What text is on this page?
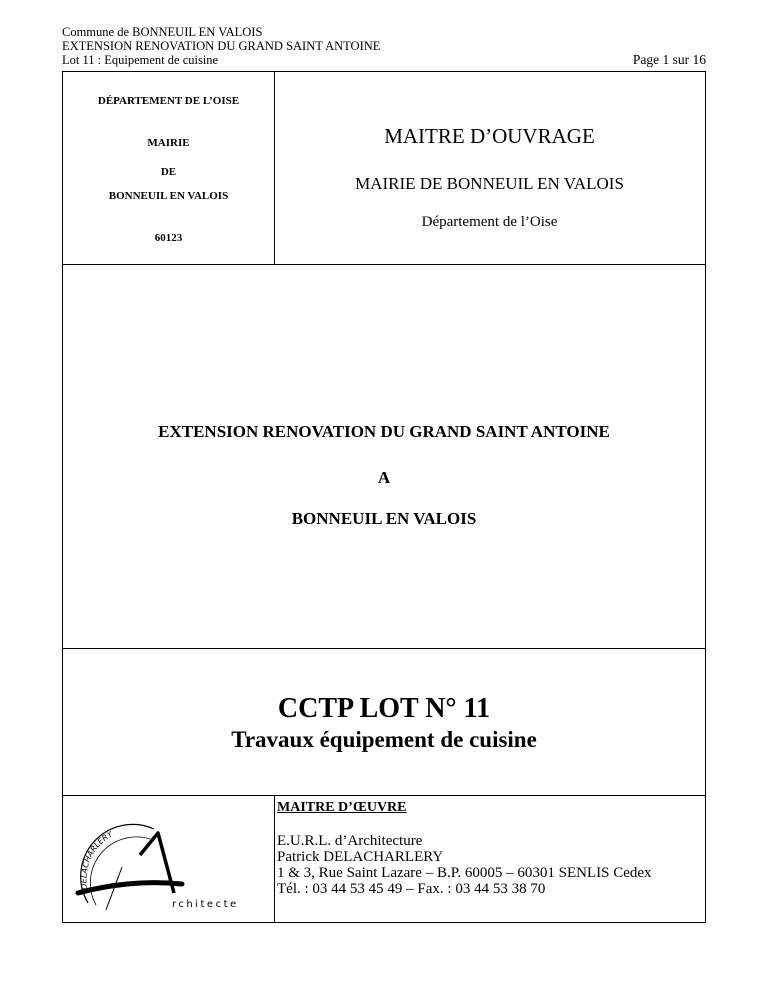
Commune de BONNEUIL EN VALOIS
EXTENSION RENOVATION DU GRAND SAINT ANTOINE
Lot 11 : Equipement de cuisine	Page 1 sur 16
DÉPARTEMENT DE L’OISE
MAIRIE
DE
BONNEUIL EN VALOIS
60123
MAITRE D’OUVRAGE
MAIRIE DE BONNEUIL EN VALOIS
Département de l’Oise
EXTENSION RENOVATION DU GRAND SAINT ANTOINE
A
BONNEUIL EN VALOIS
CCTP LOT N° 11
Travaux équipement de cuisine
DELACHARLERY
rchitecte
MAITRE D’ŒUVRE
E.U.R.L. d’Architecture
Patrick DELACHARLERY
1 & 3, Rue Saint Lazare – B.P. 60005 – 60301 SENLIS Cedex
Tél. : 03 44 53 45 49 – Fax. : 03 44 53 38 70
